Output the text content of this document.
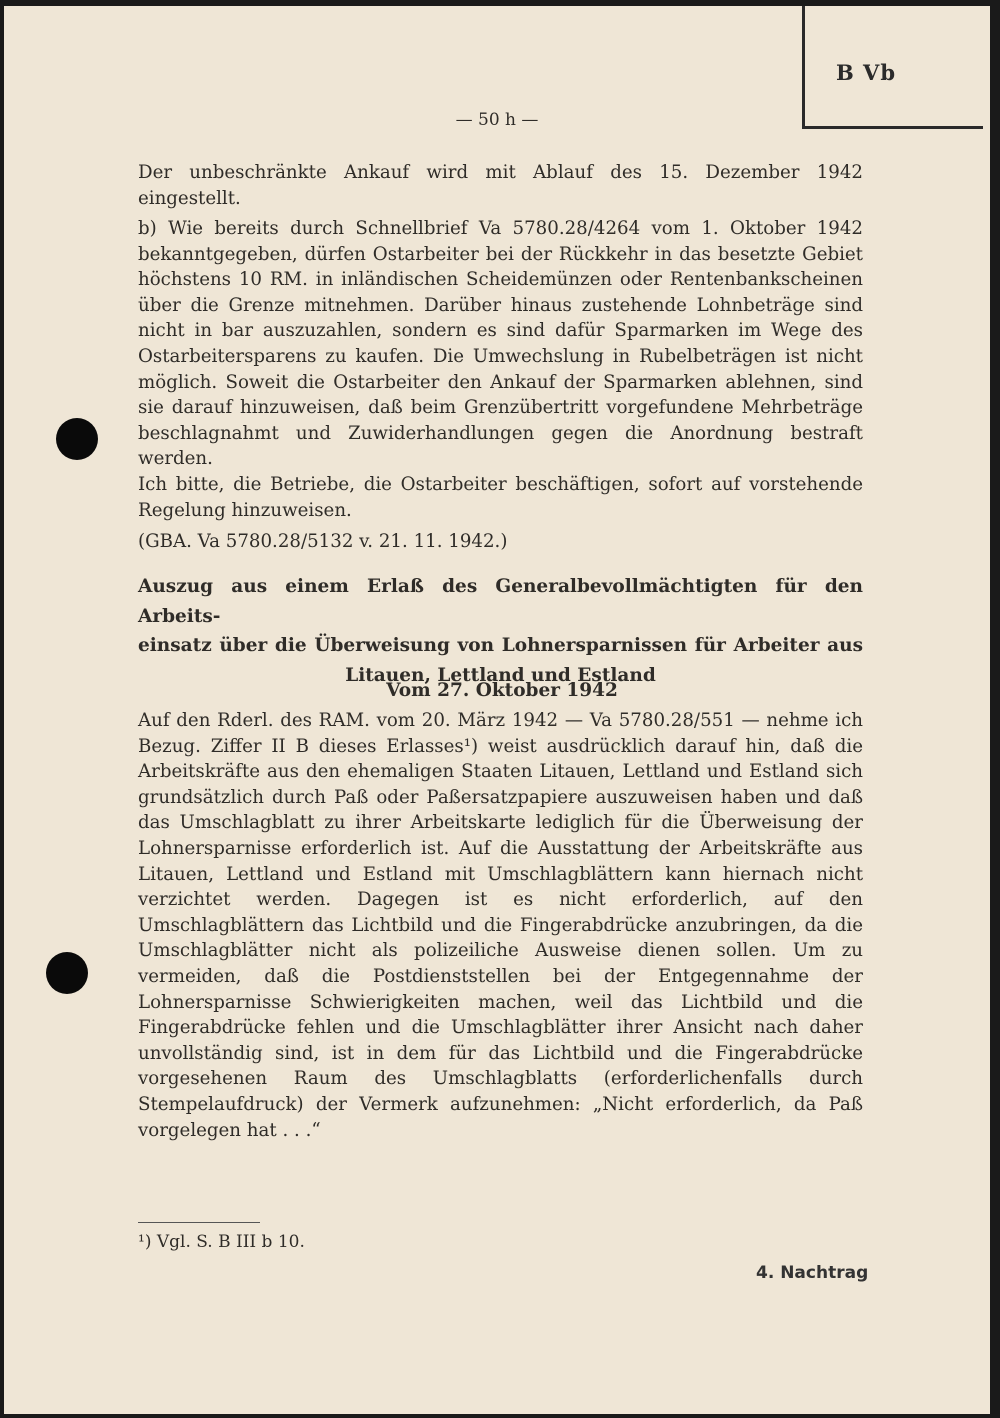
B Vb
— 50 h —

Der unbeschränkte Ankauf wird mit Ablauf des 15. Dezember 1942 eingestellt.

b) Wie bereits durch Schnellbrief Va 5780.28/4264 vom 1. Oktober 1942 bekanntgegeben, dürfen Ostarbeiter bei der Rückkehr in das besetzte Gebiet höchstens 10 RM. in inländischen Scheidemünzen oder Rentenbankscheinen über die Grenze mitnehmen. Darüber hinaus zustehende Lohnbeträge sind nicht in bar auszuzahlen, sondern es sind dafür Sparmarken im Wege des Ostarbeitersparens zu kaufen. Die Umwechslung in Rubelbeträgen ist nicht möglich. Soweit die Ostarbeiter den Ankauf der Sparmarken ablehnen, sind sie darauf hinzuweisen, daß beim Grenzübertritt vorgefundene Mehrbeträge beschlagnahmt und Zuwiderhandlungen gegen die Anordnung bestraft werden.

Ich bitte, die Betriebe, die Ostarbeiter beschäftigen, sofort auf vorstehende Regelung hinzuweisen.

(GBA. Va 5780.28/5132 v. 21. 11. 1942.)

Auszug aus einem Erlaß des Generalbevollmächtigten für den Arbeits-
einsatz über die Überweisung von Lohnersparnissen für Arbeiter aus
Litauen, Lettland und Estland
Vom 27. Oktober 1942

Auf den Rderl. des RAM. vom 20. März 1942 — Va 5780.28/551 — nehme ich Bezug. Ziffer II B dieses Erlasses¹) weist ausdrücklich darauf hin, daß die Arbeitskräfte aus den ehemaligen Staaten Litauen, Lettland und Estland sich grundsätzlich durch Paß oder Paßersatzpapiere auszuweisen haben und daß das Umschlagblatt zu ihrer Arbeitskarte lediglich für die Überweisung der Lohnersparnisse erforderlich ist. Auf die Ausstattung der Arbeitskräfte aus Litauen, Lettland und Estland mit Umschlagblättern kann hiernach nicht verzichtet werden. Dagegen ist es nicht erforderlich, auf den Umschlagblättern das Lichtbild und die Fingerabdrücke anzubringen, da die Umschlagblätter nicht als polizeiliche Ausweise dienen sollen. Um zu vermeiden, daß die Postdienststellen bei der Entgegennahme der Lohnersparnisse Schwierigkeiten machen, weil das Lichtbild und die Fingerabdrücke fehlen und die Umschlagblätter ihrer Ansicht nach daher unvollständig sind, ist in dem für das Lichtbild und die Fingerabdrücke vorgesehenen Raum des Umschlagblatts (erforderlichenfalls durch Stempelaufdruck) der Vermerk aufzunehmen: „Nicht erforderlich, da Paß vorgelegen hat . . .“

¹) Vgl. S. B III b 10.
4. Nachtrag
